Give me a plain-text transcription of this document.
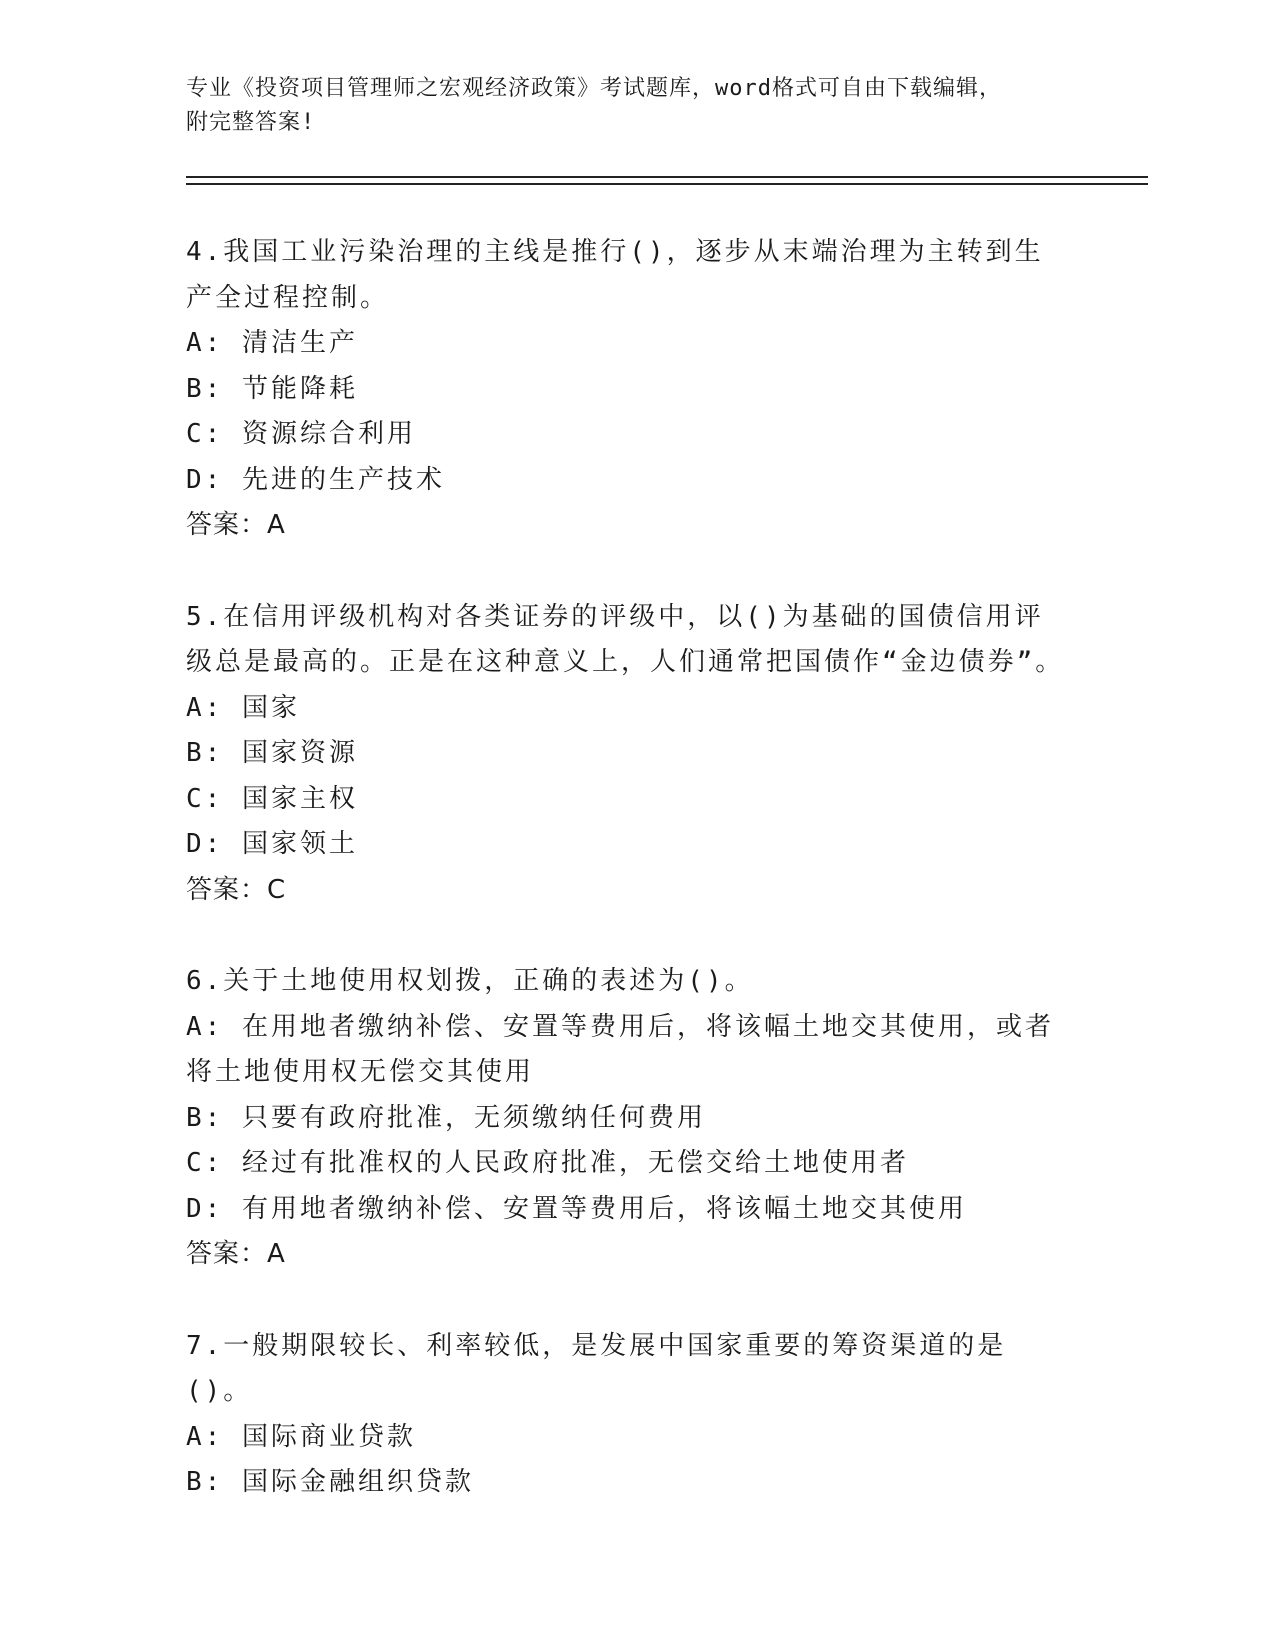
专业《投资项目管理师之宏观经济政策》考试题库，word格式可自由下载编辑，
附完整答案!
4.我国工业污染治理的主线是推行()，逐步从末端治理为主转到生产全过程控制。
A: 清洁生产
B: 节能降耗
C: 资源综合利用
D: 先进的生产技术
答案：A
5.在信用评级机构对各类证券的评级中，以()为基础的国债信用评级总是最高的。正是在这种意义上，人们通常把国债作“金边债券”。
A: 国家
B: 国家资源
C: 国家主权
D: 国家领土
答案：C
6.关于土地使用权划拨，正确的表述为()。
A: 在用地者缴纳补偿、安置等费用后，将该幅土地交其使用，或者将土地使用权无偿交其使用
B: 只要有政府批准，无须缴纳任何费用
C: 经过有批准权的人民政府批准，无偿交给土地使用者
D: 有用地者缴纳补偿、安置等费用后，将该幅土地交其使用
答案：A
7.一般期限较长、利率较低，是发展中国家重要的筹资渠道的是()。
A: 国际商业贷款
B: 国际金融组织贷款
